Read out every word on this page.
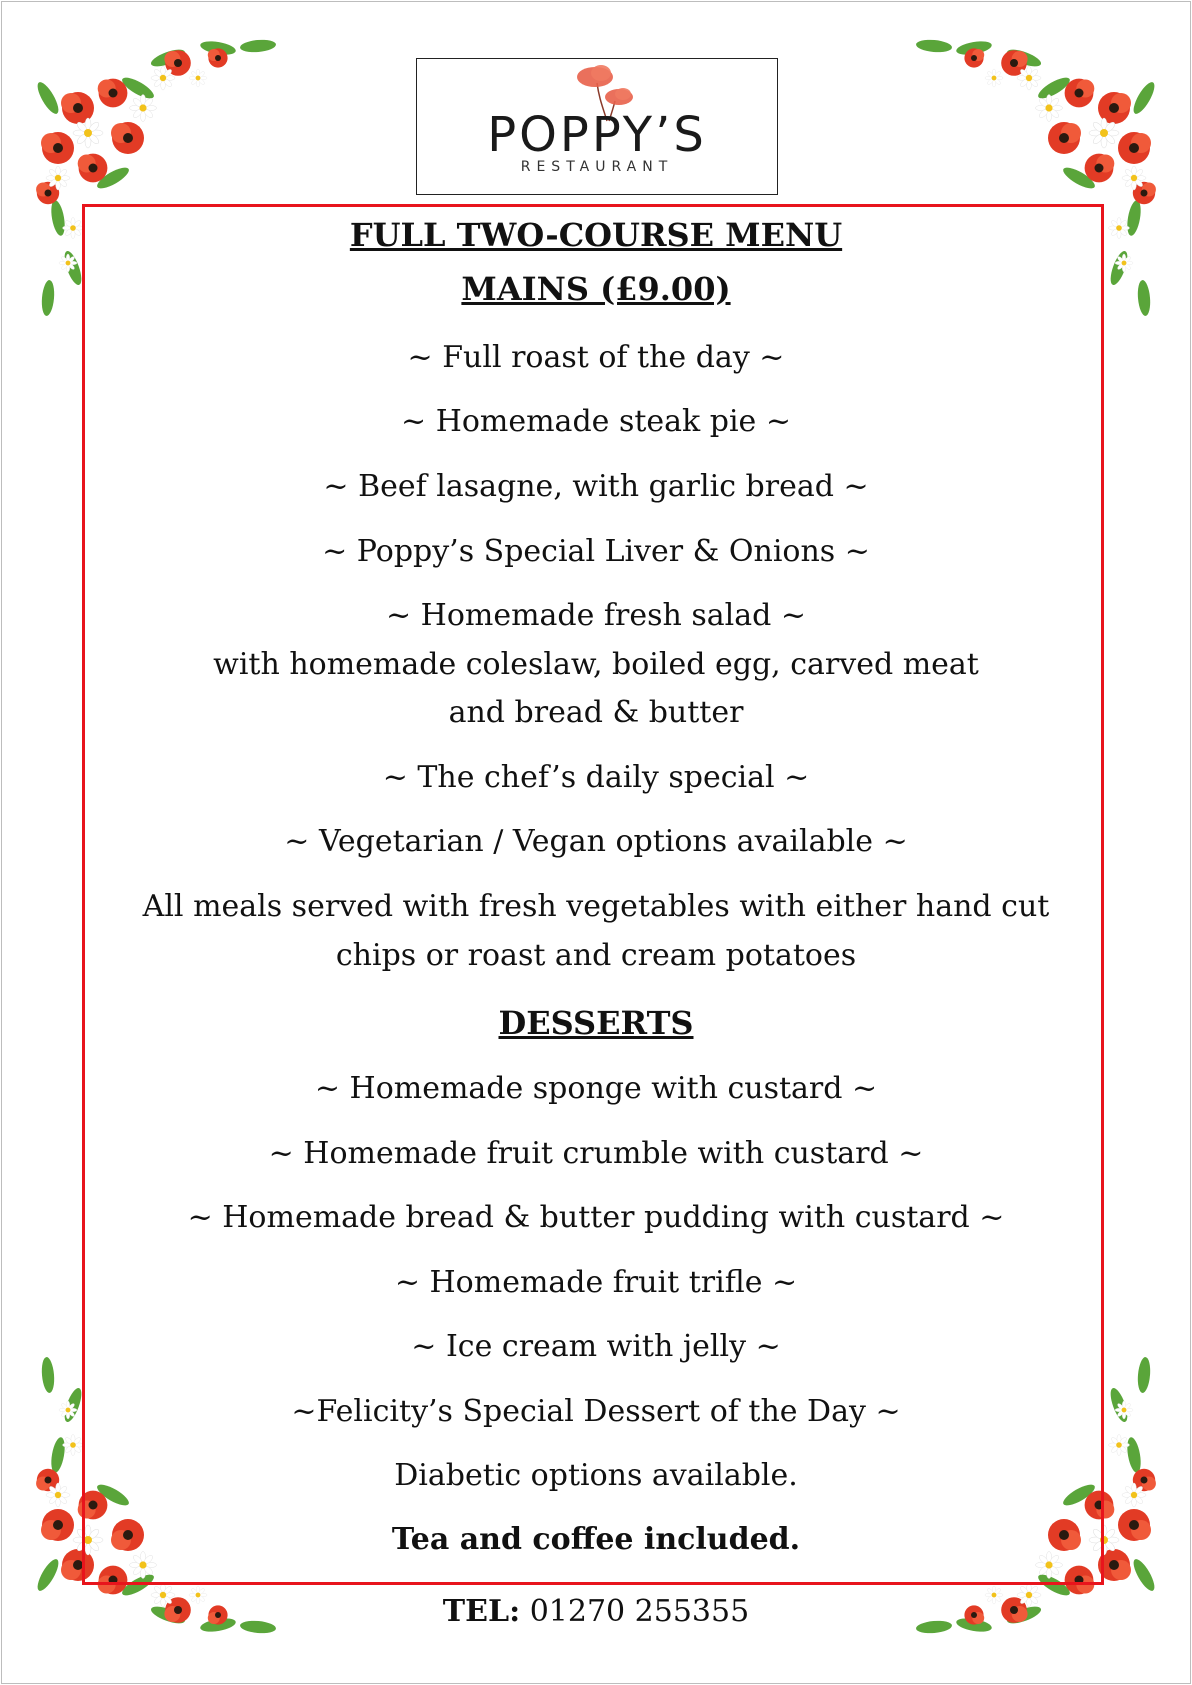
POPPY’S
RESTAURANT
FULL TWO-COURSE MENU
MAINS (£9.00)
~ Full roast of the day ~
~ Homemade steak pie ~
~ Beef lasagne, with garlic bread ~
~ Poppy’s Special Liver & Onions ~
~ Homemade fresh salad ~
with homemade coleslaw, boiled egg, carved meat
and bread & butter
~ The chef’s daily special ~
~ Vegetarian / Vegan options available ~
All meals served with fresh vegetables with either hand cut
chips or roast and cream potatoes
DESSERTS
~ Homemade sponge with custard ~
~ Homemade fruit crumble with custard ~
~ Homemade bread & butter pudding with custard ~
~ Homemade fruit trifle ~
~ Ice cream with jelly ~
~Felicity’s Special Dessert of the Day ~
Diabetic options available.
Tea and coffee included.
TEL: 01270 255355
